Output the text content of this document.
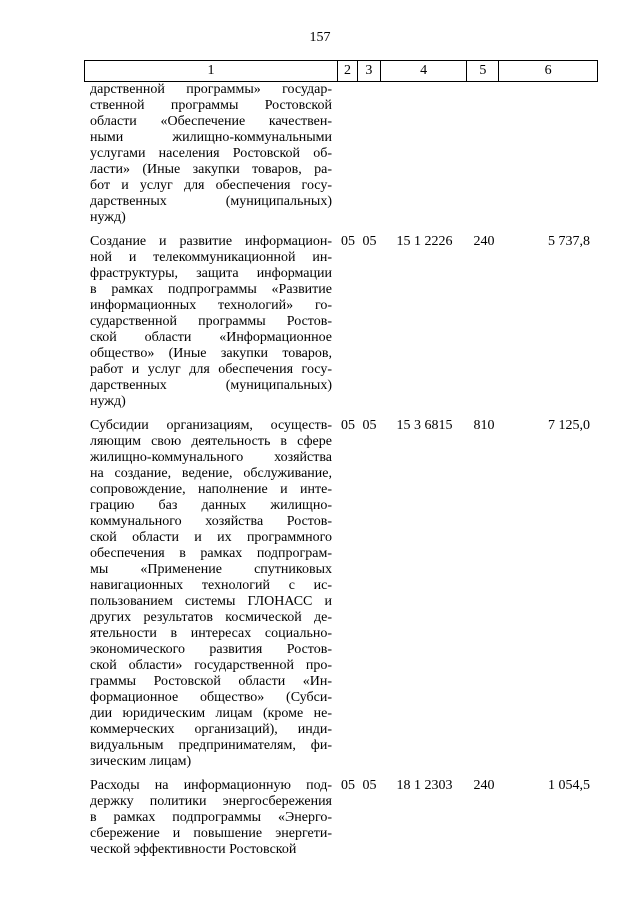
157
1	2	3	4	5	6
дарственной программы» государ-
ственной программы Ростовской
области «Обеспечение качествен-
ными жилищно-коммунальными
услугами населения Ростовской об-
ласти» (Иные закупки товаров, ра-
бот и услуг для обеспечения госу-
дарственных (муниципальных)
нужд)
Создание и развитие информацион-
ной и телекоммуникационной ин-
фраструктуры, защита информации
в рамках подпрограммы «Развитие
информационных технологий» го-
сударственной программы Ростов-
ской области «Информационное
общество» (Иные закупки товаров,
работ и услуг для обеспечения госу-
дарственных (муниципальных)
нужд)
05 05	15 1 2226	240	5 737,8
Субсидии организациям, осуществ-
ляющим свою деятельность в сфере
жилищно-коммунального хозяйства
на создание, ведение, обслуживание,
сопровождение, наполнение и инте-
грацию баз данных жилищно-
коммунального хозяйства Ростов-
ской области и их программного
обеспечения в рамках подпрограм-
мы «Применение спутниковых
навигационных технологий с ис-
пользованием системы ГЛОНАСС и
других результатов космической де-
ятельности в интересах социально-
экономического развития Ростов-
ской области» государственной про-
граммы Ростовской области «Ин-
формационное общество» (Субси-
дии юридическим лицам (кроме не-
коммерческих организаций), инди-
видуальным предпринимателям, фи-
зическим лицам)
05 05	15 3 6815	810	7 125,0
Расходы на информационную под-
держку политики энергосбережения
в рамках подпрограммы «Энерго-
сбережение и повышение энергети-
ческой эффективности Ростовской
05 05	18 1 2303	240	1 054,5
